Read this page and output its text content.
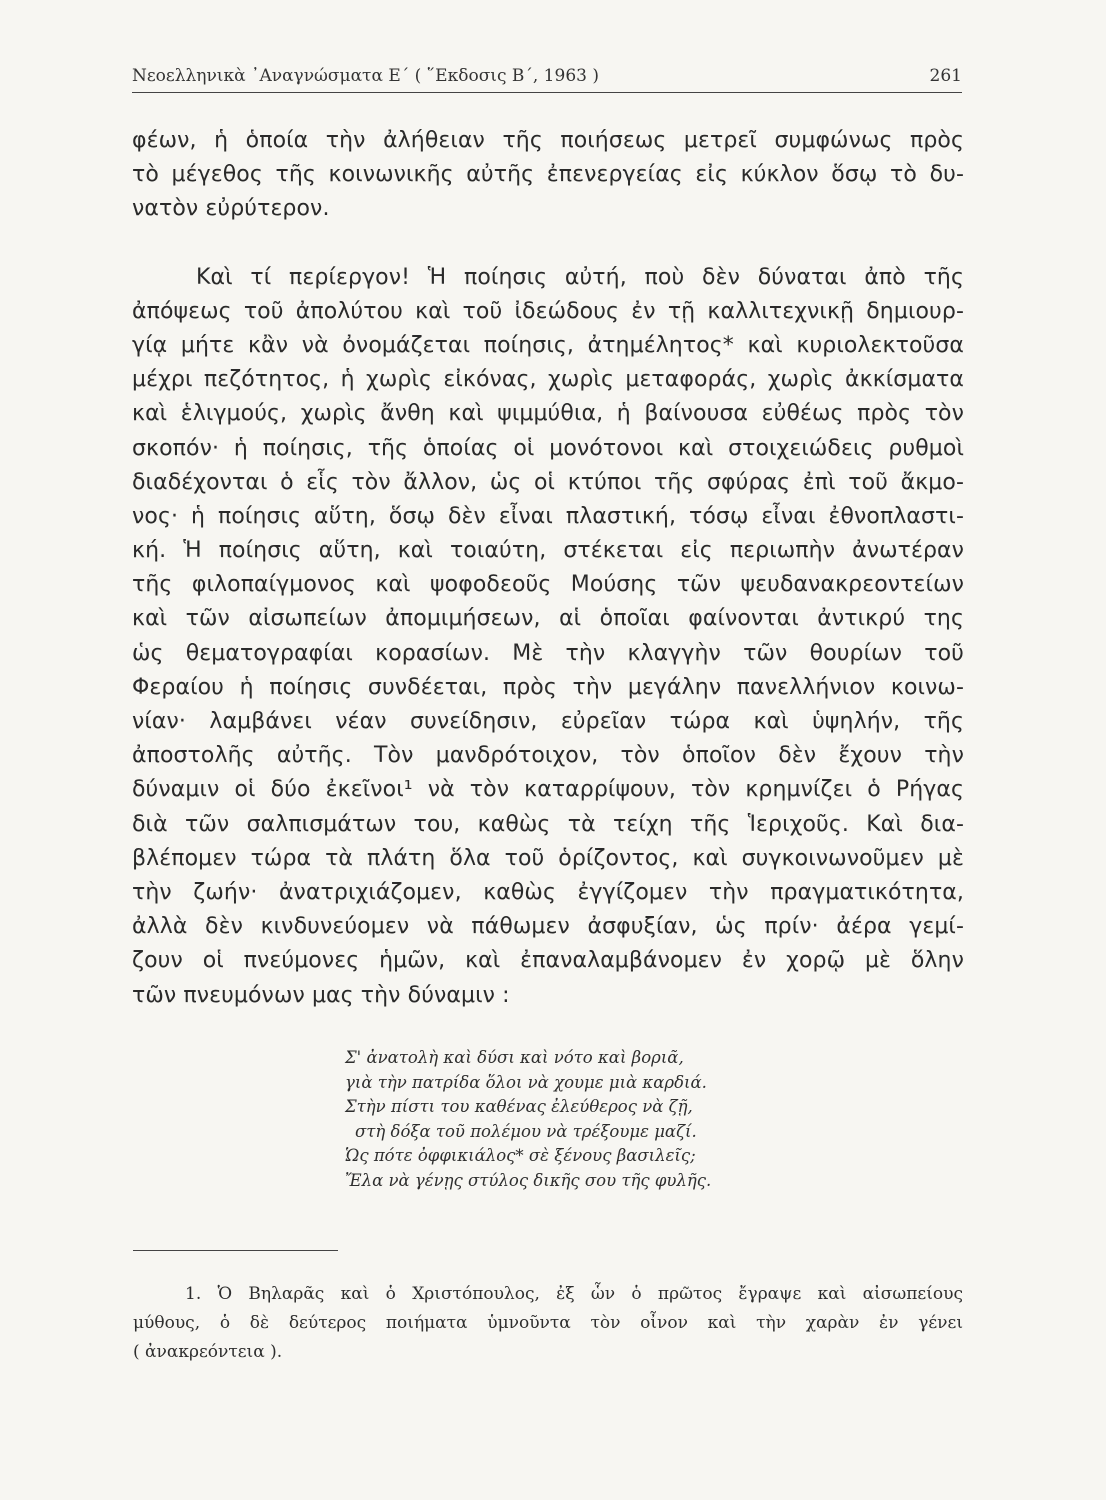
Νεοελληνικὰ ᾿Αναγνώσματα Ε΄ ( ῞Εκδοσις Β΄, 1963 )	261
φέων, ἡ ὁποία τὴν ἀλήθειαν τῆς ποιήσεως μετρεῖ συμφώνως πρὸς
τὸ μέγεθος τῆς κοινωνικῆς αὐτῆς ἐπενεργείας εἰς κύκλον ὅσῳ τὸ δυ-
νατὸν εὐρύτερον.
Καὶ τί περίεργον! Ἡ ποίησις αὐτή, ποὺ δὲν δύναται ἀπὸ τῆς
ἀπόψεως τοῦ ἀπολύτου καὶ τοῦ ἰδεώδους ἐν τῇ καλλιτεχνικῇ δημιουρ-
γίᾳ μήτε κἂν νὰ ὀνομάζεται ποίησις, ἀτημέλητος* καὶ κυριολεκτοῦσα
μέχρι πεζότητος, ἡ χωρὶς εἰκόνας, χωρὶς μεταφοράς, χωρὶς ἀκκίσματα
καὶ ἑλιγμούς, χωρὶς ἄνθη καὶ ψιμμύθια, ἡ βαίνουσα εὐθέως πρὸς τὸν
σκοπόν· ἡ ποίησις, τῆς ὁποίας οἱ μονότονοι καὶ στοιχειώδεις ρυθμοὶ
διαδέχονται ὁ εἷς τὸν ἄλλον, ὡς οἱ κτύποι τῆς σφύρας ἐπὶ τοῦ ἄκμο-
νος· ἡ ποίησις αὕτη, ὅσῳ δὲν εἶναι πλαστική, τόσῳ εἶναι ἐθνοπλαστι-
κή. Ἡ ποίησις αὕτη, καὶ τοιαύτη, στέκεται εἰς περιωπὴν ἀνωτέραν
τῆς φιλοπαίγμονος καὶ ψοφοδεοῦς Μούσης τῶν ψευδανακρεοντείων
καὶ τῶν αἰσωπείων ἀπομιμήσεων, αἱ ὁποῖαι φαίνονται ἀντικρύ της
ὡς θεματογραφίαι κορασίων. Μὲ τὴν κλαγγὴν τῶν θουρίων τοῦ
Φεραίου ἡ ποίησις συνδέεται, πρὸς τὴν μεγάλην πανελλήνιον κοινω-
νίαν· λαμβάνει νέαν συνείδησιν, εὐρεῖαν τώρα καὶ ὑψηλήν, τῆς
ἀποστολῆς αὐτῆς. Τὸν μανδρότοιχον, τὸν ὁποῖον δὲν ἔχουν τὴν
δύναμιν οἱ δύο ἐκεῖνοι¹ νὰ τὸν καταρρίψουν, τὸν κρημνίζει ὁ Ρήγας
διὰ τῶν σαλπισμάτων του, καθὼς τὰ τείχη τῆς Ἱεριχοῦς. Καὶ δια-
βλέπομεν τώρα τὰ πλάτη ὅλα τοῦ ὁρίζοντος, καὶ συγκοινωνοῦμεν μὲ
τὴν ζωήν· ἀνατριχιάζομεν, καθὼς ἐγγίζομεν τὴν πραγματικότητα,
ἀλλὰ δὲν κινδυνεύομεν νὰ πάθωμεν ἀσφυξίαν, ὡς πρίν· ἀέρα γεμί-
ζουν οἱ πνεύμονες ἡμῶν, καὶ ἐπαναλαμβάνομεν ἐν χορῷ μὲ ὅλην
τῶν πνευμόνων μας τὴν δύναμιν :
Σ' ἀνατολὴ καὶ δύσι καὶ νότο καὶ βοριᾶ,
γιὰ τὴν πατρίδα ὅλοι νὰ χουμε μιὰ καρδιά.
Στὴν πίστι του καθένας ἐλεύθερος νὰ ζῇ,
στὴ δόξα τοῦ πολέμου νὰ τρέξουμε μαζί.
Ὡς πότε ὀφφικιάλος* σὲ ξένους βασιλεῖς;
Ἔλα νὰ γένῃς στύλος δικῆς σου τῆς φυλῆς.
1. Ὁ Βηλαρᾶς καὶ ὁ Χριστόπουλος, ἐξ ὧν ὁ πρῶτος ἔγραψε καὶ αἰσωπείους
μύθους, ὁ δὲ δεύτερος ποιήματα ὑμνοῦντα τὸν οἶνον καὶ τὴν χαρὰν ἐν γένει
( ἀνακρεόντεια ).
